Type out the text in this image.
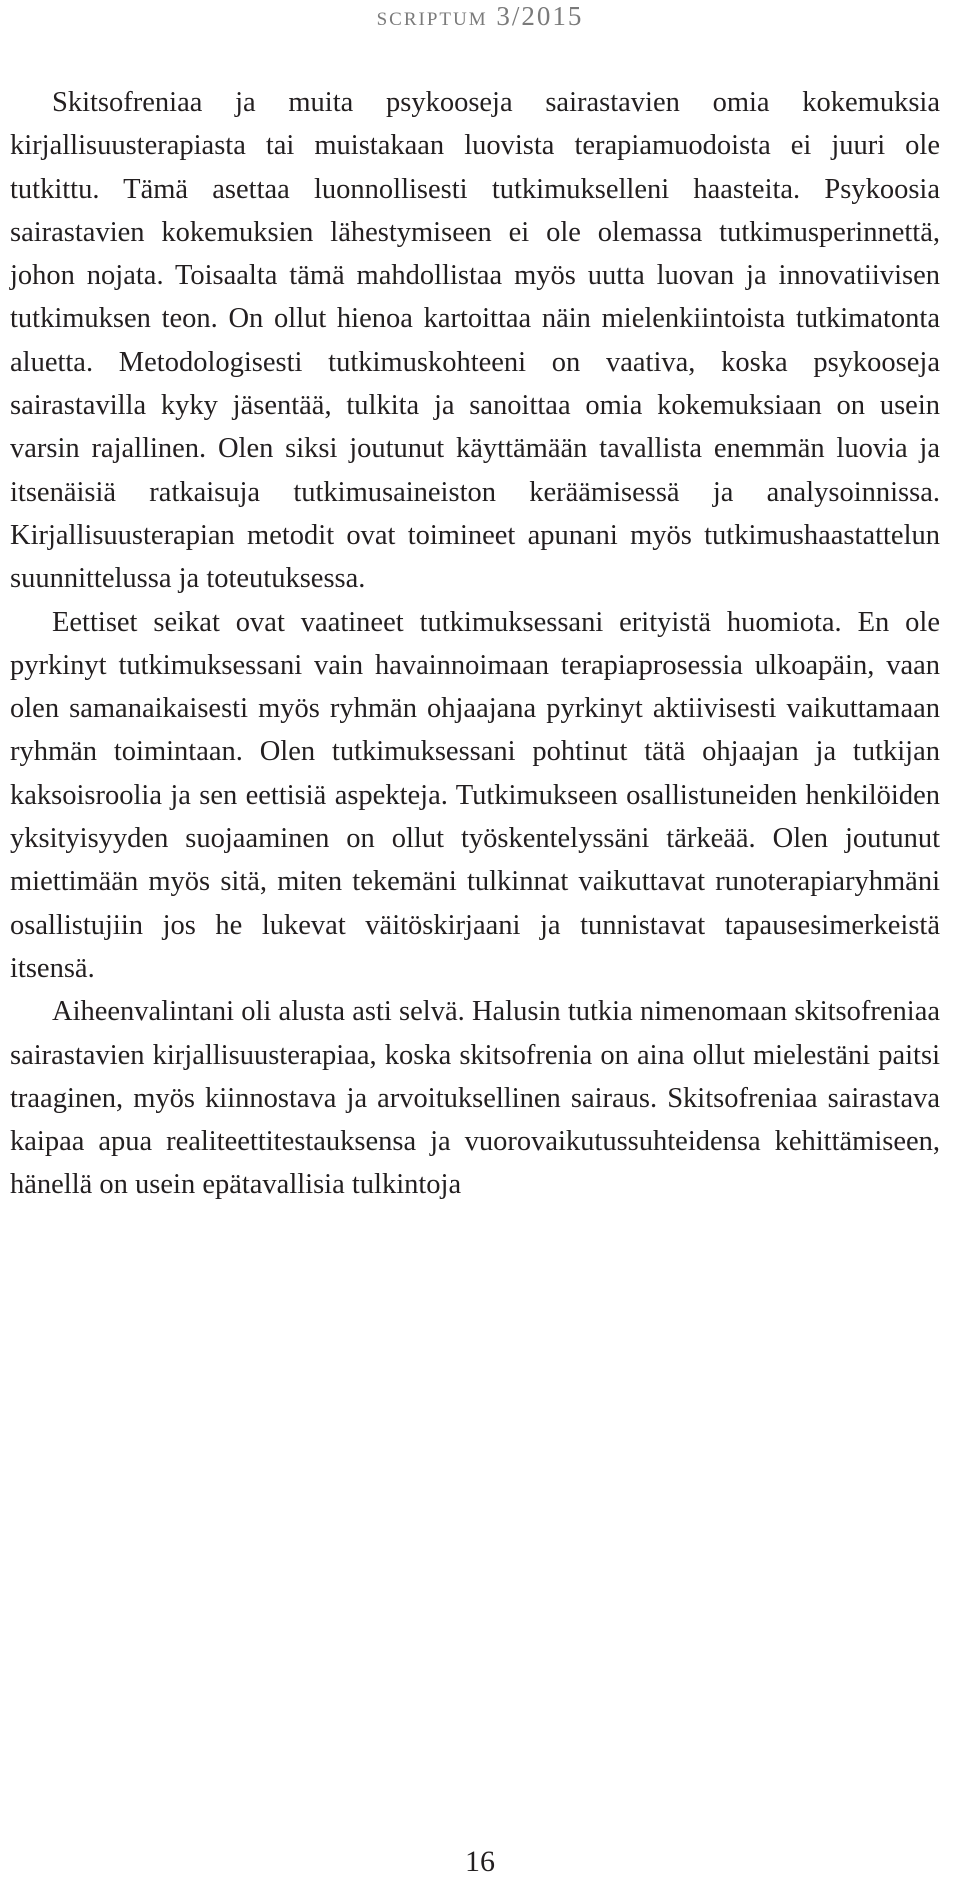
scriptum 3/2015

Skitsofreniaa ja muita psykooseja sairastavien omia kokemuksia kirjallisuusterapiasta tai muistakaan luovista terapiamuodoista ei juuri ole tutkittu. Tämä asettaa luonnollisesti tutkimukselleni haasteita. Psykoosia sairastavien kokemuksien lähestymiseen ei ole olemassa tutkimusperinnettä, johon nojata. Toisaalta tämä mahdollistaa myös uutta luovan ja innovatiivisen tutkimuksen teon. On ollut hienoa kartoittaa näin mielenkiintoista tutkimatonta aluetta. Metodologisesti tutkimuskohteeni on vaativa, koska psykooseja sairastavilla kyky jäsentää, tulkita ja sanoittaa omia kokemuksiaan on usein varsin rajallinen. Olen siksi joutunut käyttämään tavallista enemmän luovia ja itsenäisiä ratkaisuja tutkimusaineiston keräämisessä ja analysoinnissa. Kirjallisuusterapian metodit ovat toimineet apunani myös tutkimushaastattelun suunnittelussa ja toteutuksessa.

Eettiset seikat ovat vaatineet tutkimuksessani erityistä huomiota. En ole pyrkinyt tutkimuksessani vain havainnoimaan terapiaprosessia ulkoapäin, vaan olen samanaikaisesti myös ryhmän ohjaajana pyrkinyt aktiivisesti vaikuttamaan ryhmän toimintaan. Olen tutkimuksessani pohtinut tätä ohjaajan ja tutkijan kaksoisroolia ja sen eettisiä aspekteja. Tutkimukseen osallistuneiden henkilöiden yksityisyyden suojaaminen on ollut työskentelyssäni tärkeää. Olen joutunut miettimään myös sitä, miten tekemäni tulkinnat vaikuttavat runoterapiaryhmäni osallistujiin jos he lukevat väitöskirjaani ja tunnistavat tapausesimerkeistä itsensä.

Aiheenvalintani oli alusta asti selvä. Halusin tutkia nimenomaan skitsofreniaa sairastavien kirjallisuusterapiaa, koska skitsofrenia on aina ollut mielestäni paitsi traaginen, myös kiinnostava ja arvoituksellinen sairaus. Skitsofreniaa sairastava kaipaa apua realiteettitestauksensa ja vuorovaikutussuhteidensa kehittämiseen, hänellä on usein epätavallisia tulkintoja

16
